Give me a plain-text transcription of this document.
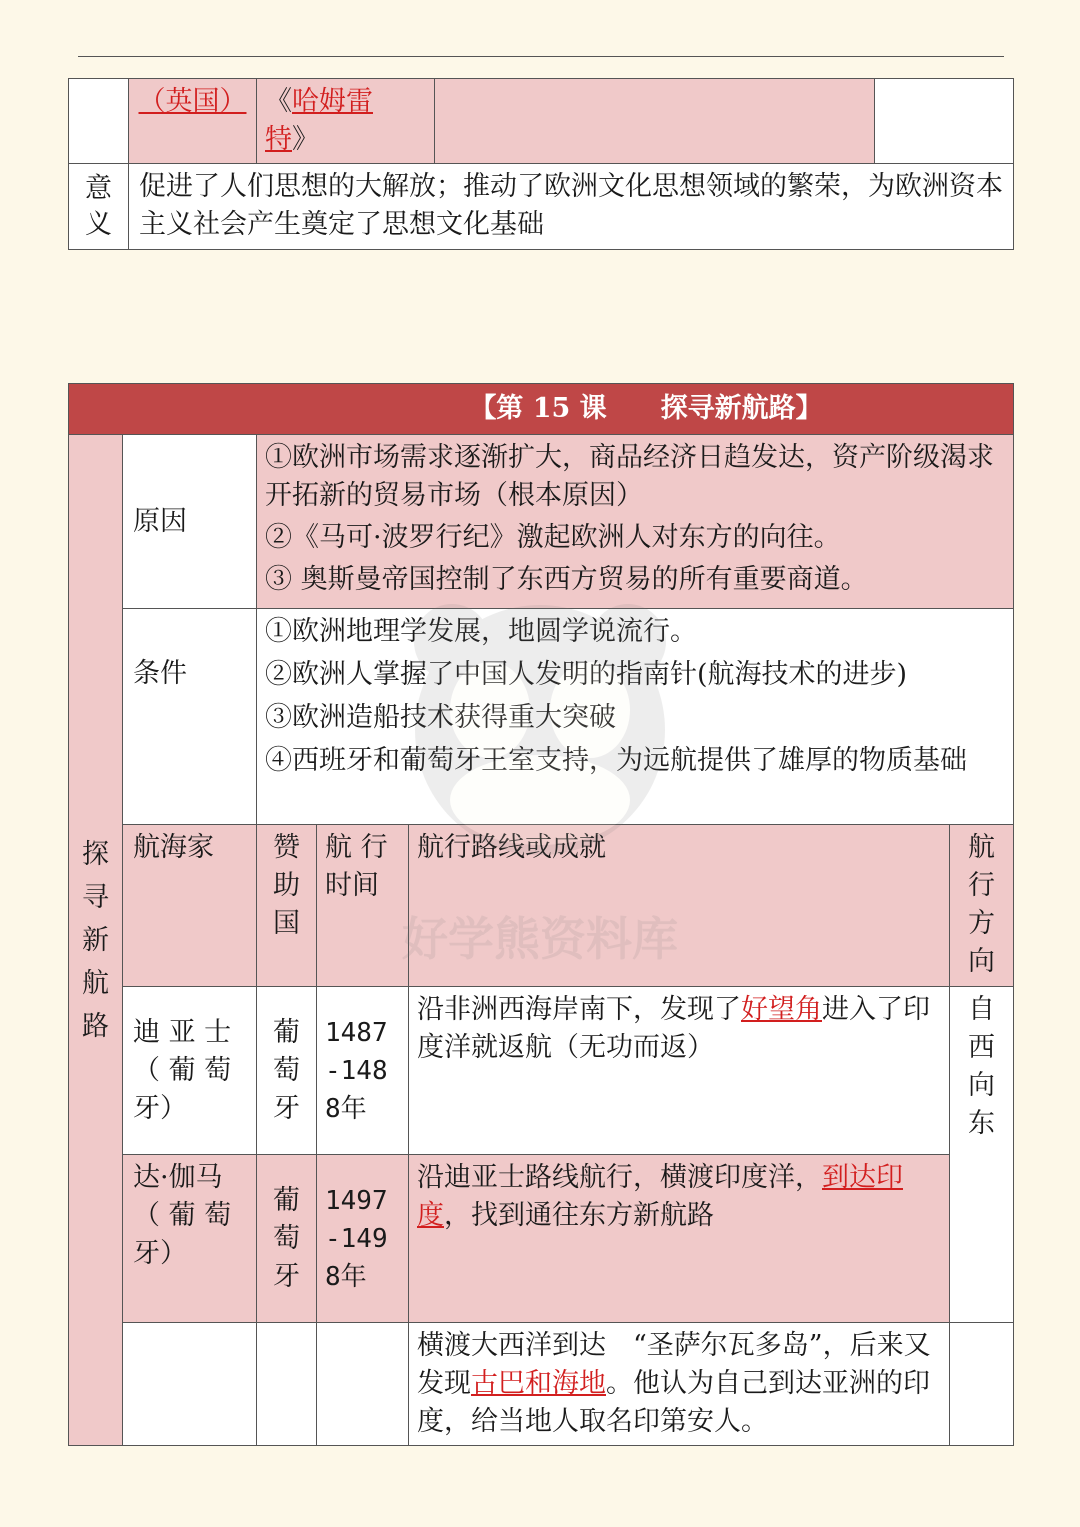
	（英国）	《哈姆雷特》		
意义	促进了人们思想的大解放；推动了欧洲文化思想领域的繁荣，为欧洲资本主义社会产生奠定了思想文化基础			
【第 15 课　　探寻新航路】					
探寻新航路	原因	①欧洲市场需求逐渐扩大，商品经济日趋发达，资产阶级渴求开拓新的贸易市场（根本原因）
②《马可·波罗行纪》激起欧洲人对东方的向往。
③ 奥斯曼帝国控制了东西方贸易的所有重要商道。			

	条件	①欧洲地理学发展，地圆学说流行。
②欧洲人掌握了中国人发明的指南针(航海技术的进步)
③欧洲造船技术获得重大突破
④西班牙和葡萄牙王室支持，为远航提供了雄厚的物质基础			

	航海家	赞助国	航 行时间	航行路线或成就	航行方向
	迪 亚 士（ 葡 萄牙）	葡萄牙	1487-1488年	沿非洲西海岸南下，发现了好望角进入了印度洋就返航（无功而返）	自西向东
	达·伽马（ 葡 萄牙）	葡萄牙	1497-1498年	沿迪亚士路线航行，横渡印度洋，到达印度，找到通往东方新航路	
				横渡大西洋到达　“圣萨尔瓦多岛”，后来又发现古巴和海地。他认为自己到达亚洲的印度，给当地人取名印第安人。	
